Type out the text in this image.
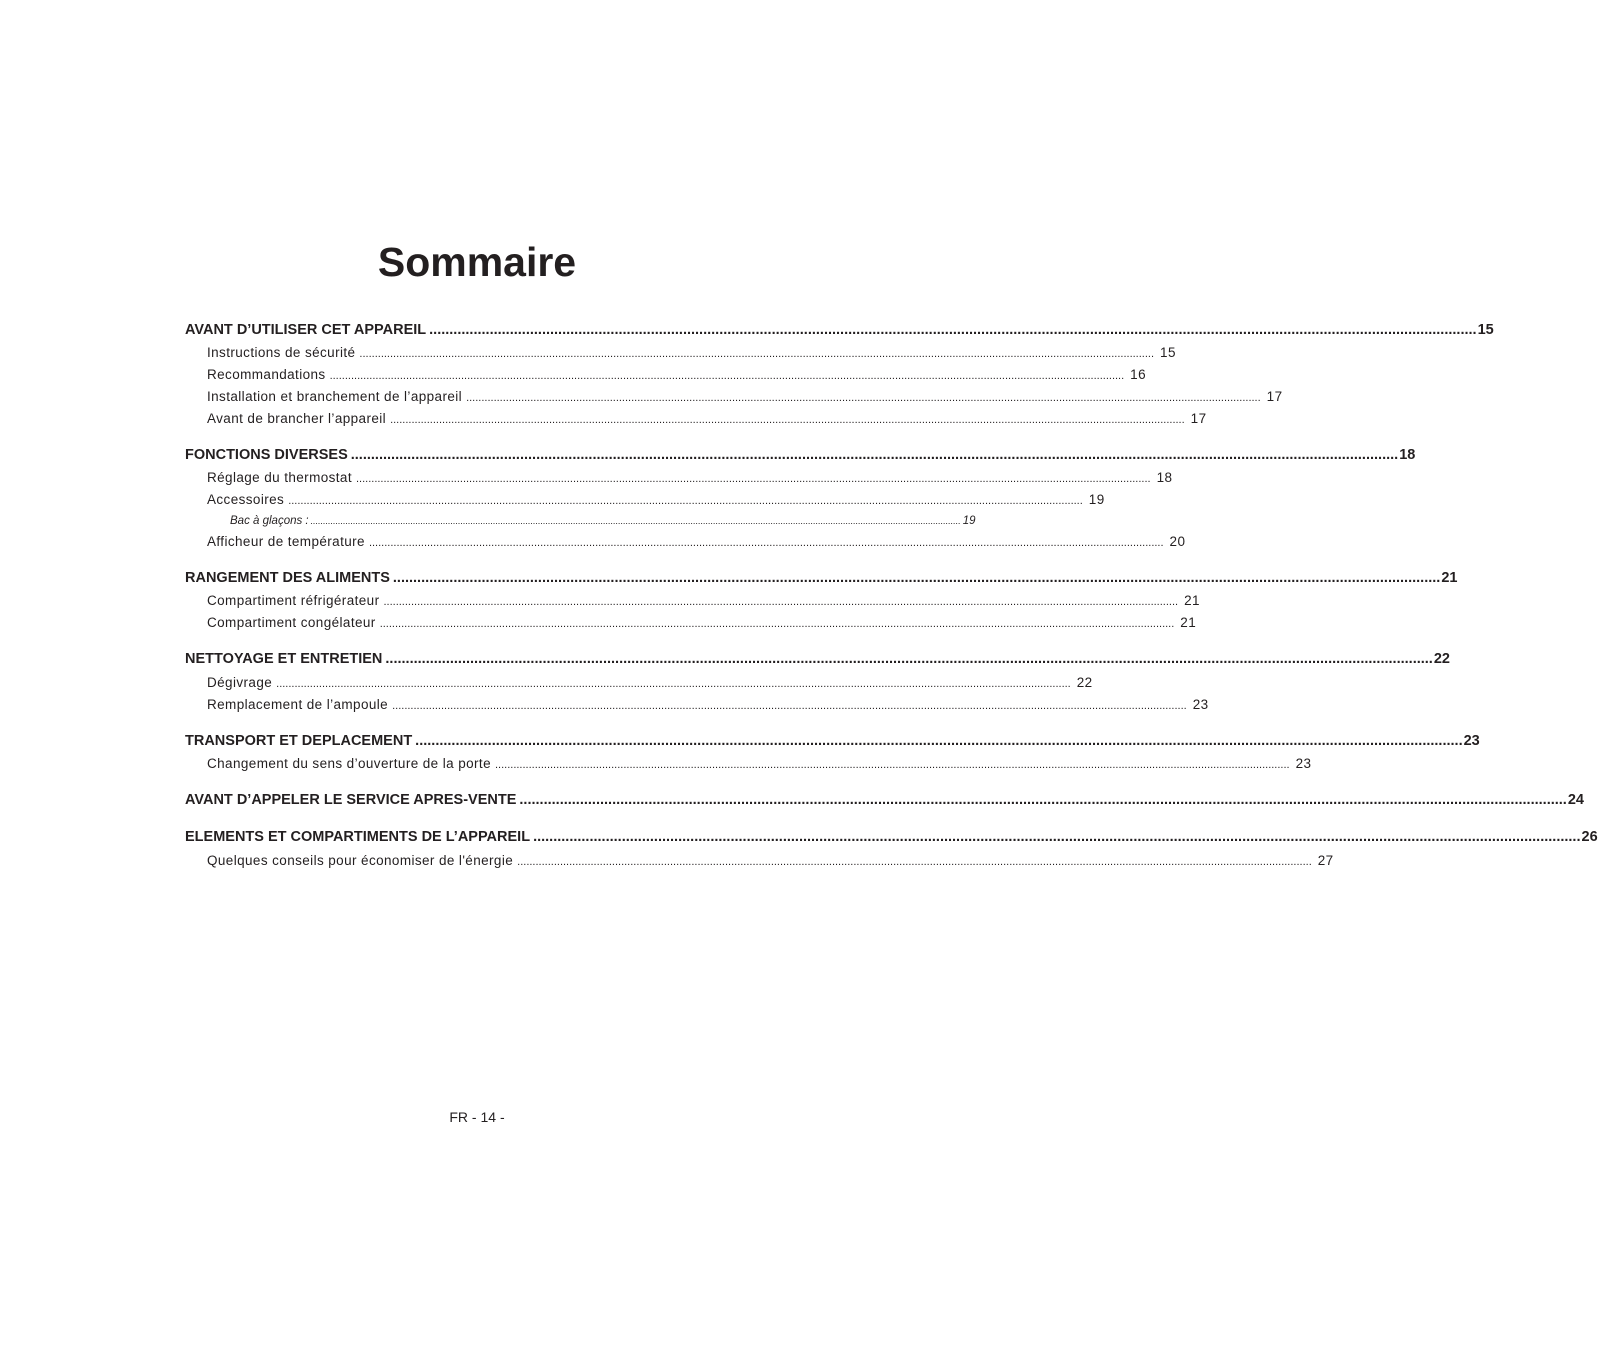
Sommaire
AVANT D’UTILISER CET APPAREIL .................................................................................................................................................................................................................................................................... 15
Instructions de sécurité .................................................................................................................................................................................................................................................................... 15
Recommandations .................................................................................................................................................................................................................................................................... 16
Installation et branchement de l’appareil .................................................................................................................................................................................................................................................................... 17
Avant de brancher l’appareil .................................................................................................................................................................................................................................................................... 17
FONCTIONS DIVERSES .................................................................................................................................................................................................................................................................... 18
Réglage du thermostat .................................................................................................................................................................................................................................................................... 18
Accessoires .................................................................................................................................................................................................................................................................... 19
Bac à glaçons : .................................................................................................................................................................................................................................................................... 19
Afficheur de température .................................................................................................................................................................................................................................................................... 20
RANGEMENT DES ALIMENTS .................................................................................................................................................................................................................................................................... 21
Compartiment réfrigérateur .................................................................................................................................................................................................................................................................... 21
Compartiment congélateur .................................................................................................................................................................................................................................................................... 21
NETTOYAGE ET ENTRETIEN .................................................................................................................................................................................................................................................................... 22
Dégivrage .................................................................................................................................................................................................................................................................... 22
Remplacement de l’ampoule .................................................................................................................................................................................................................................................................... 23
TRANSPORT ET DEPLACEMENT .................................................................................................................................................................................................................................................................... 23
Changement du sens d’ouverture de la porte .................................................................................................................................................................................................................................................................... 23
AVANT D’APPELER LE SERVICE APRES-VENTE .................................................................................................................................................................................................................................................................... 24
ELEMENTS ET COMPARTIMENTS DE L’APPAREIL .................................................................................................................................................................................................................................................................... 26
Quelques conseils pour économiser de l'énergie .................................................................................................................................................................................................................................................................... 27
FR - 14 -
